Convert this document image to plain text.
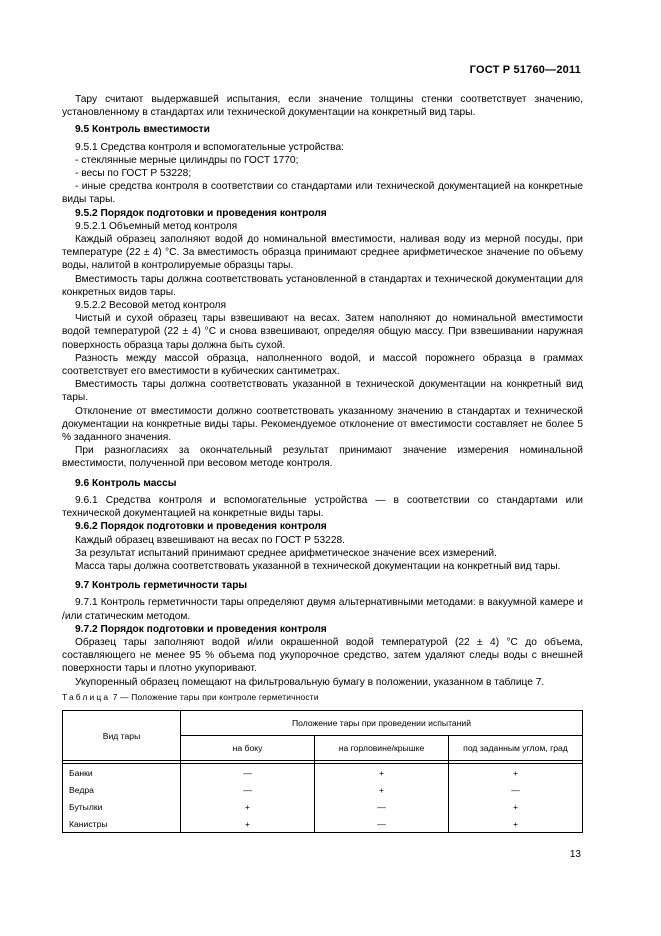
ГОСТ Р 51760—2011

Тару считают выдержавшей испытания, если значение толщины стенки соответствует значению, установленному в стандартах или технической документации на конкретный вид тары.

9.5 Контроль вместимости

9.5.1 Средства контроля и вспомогательные устройства:

- стеклянные мерные цилиндры по ГОСТ 1770;

- весы по ГОСТ Р 53228;

- иные средства контроля в соответствии со стандартами или технической документацией на конкретные виды тары.

9.5.2 Порядок подготовки и проведения контроля

9.5.2.1 Объемный метод контроля

Каждый образец заполняют водой до номинальной вместимости, наливая воду из мерной посуды, при температуре (22 ± 4) °С. За вместимость образца принимают среднее арифметическое значение по объему воды, налитой в контролируемые образцы тары.

Вместимость тары должна соответствовать установленной в стандартах и технической документации для конкретных видов тары.

9.5.2.2 Весовой метод контроля

Чистый и сухой образец тары взвешивают на весах. Затем наполняют до номинальной вместимости водой температурой (22 ± 4) °С и снова взвешивают, определяя общую массу. При взвешивании наружная поверхность образца тары должна быть сухой.

Разность между массой образца, наполненного водой, и массой порожнего образца в граммах соответствует его вместимости в кубических сантиметрах.

Вместимость тары должна соответствовать указанной в технической документации на конкретный вид тары.

Отклонение от вместимости должно соответствовать указанному значению в стандартах и технической документации на конкретные виды тары. Рекомендуемое отклонение от вместимости составляет не более 5 % заданного значения.

При разногласиях за окончательный результат принимают значение измерения номинальной вместимости, полученной при весовом методе контроля.

9.6 Контроль массы

9.6.1 Средства контроля и вспомогательные устройства — в соответствии со стандартами или технической документацией на конкретные виды тары.

9.6.2 Порядок подготовки и проведения контроля

Каждый образец взвешивают на весах по ГОСТ Р 53228.

За результат испытаний принимают среднее арифметическое значение всех измерений.

Масса тары должна соответствовать указанной в технической документации на конкретный вид тары.

9.7 Контроль герметичности тары

9.7.1 Контроль герметичности тары определяют двумя альтернативными методами: в вакуумной камере и /или статическим методом.

9.7.2 Порядок подготовки и проведения контроля

Образец тары заполняют водой и/или окрашенной водой температурой (22 ± 4) °С до объема, составляющего не менее 95 % объема под укупорочное средство, затем удаляют следы воды с внешней поверхности тары и плотно укупоривают.

Укупоренный образец помещают на фильтровальную бумагу в положении, указанном в таблице 7.

Таблица 7 — Положение тары при контроле герметичности
Вид тары	Положение тары при проведении испытаний		
	на боку	на горловине/крышке	под заданным углом, град

Банки	—	+	+
Ведра	—	+	—
Бутылки	+	—	+
Канистры	+	—	+
13
